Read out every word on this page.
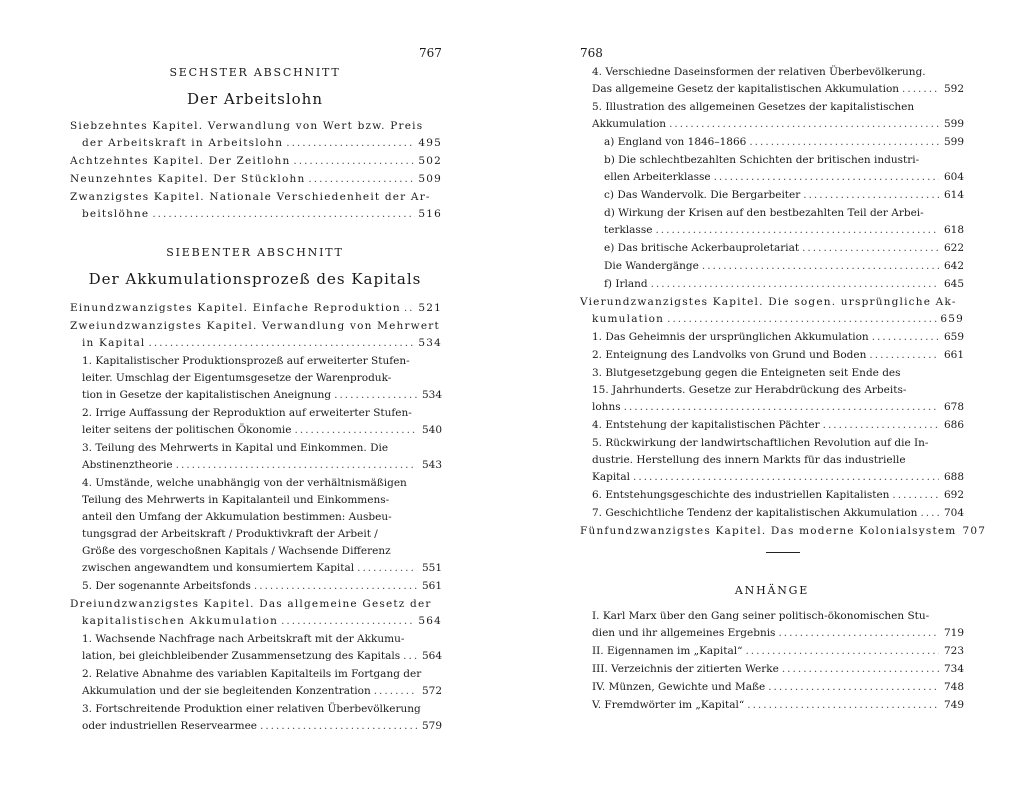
767
SECHSTER ABSCHNITT
Der Arbeitslohn
Siebzehntes Kapitel. Verwandlung von Wert bzw. Preis
der Arbeitskraft in Arbeitslohn .....	495
Achtzehntes Kapitel. Der Zeitlohn .....	502
Neunzehntes Kapitel. Der Stücklohn .....	509
Zwanzigstes Kapitel. Nationale Verschiedenheit der Ar-
beitslöhne .....	516
SIEBENTER ABSCHNITT
Der Akkumulationsprozeß des Kapitals
Einundzwanzigstes Kapitel. Einfache Reproduktion ..... 521
Zweiundzwanzigstes Kapitel. Verwandlung von Mehrwert
in Kapital .....	534
1. Kapitalistischer Produktionsprozeß auf erweiterter Stufen-
leiter. Umschlag der Eigentumsgesetze der Warenproduk-
tion in Gesetze der kapitalistischen Aneignung .....	534
2. Irrige Auffassung der Reproduktion auf erweiterter Stufen-
leiter seitens der politischen Ökonomie .....	540
3. Teilung des Mehrwerts in Kapital und Einkommen. Die
Abstinenztheorie .....	543
4. Umstände, welche unabhängig von der verhältnismäßigen
Teilung des Mehrwerts in Kapitalanteil und Einkommens-
anteil den Umfang der Akkumulation bestimmen: Ausbeu-
tungsgrad der Arbeitskraft / Produktivkraft der Arbeit /
Größe des vorgeschoßnen Kapitals / Wachsende Differenz
zwischen angewandtem und konsumiertem Kapital .....	551
5. Der sogenannte Arbeitsfonds .....	561
Dreiundzwanzigstes Kapitel. Das allgemeine Gesetz der
kapitalistischen Akkumulation .....	564
1. Wachsende Nachfrage nach Arbeitskraft mit der Akkumu-
lation, bei gleichbleibender Zusammensetzung des Kapitals ..... 564
2. Relative Abnahme des variablen Kapitalteils im Fortgang der
Akkumulation und der sie begleitenden Konzentration .....	572
3. Fortschreitende Produktion einer relativen Überbevölkerung
oder industriellen Reservearmee .....	579
768
4. Verschiedne Daseinsformen der relativen Überbevölkerung.
Das allgemeine Gesetz der kapitalistischen Akkumulation .....	592
5. Illustration des allgemeinen Gesetzes der kapitalistischen
Akkumulation .....	599
a) England von 1846–1866 .....	599
b) Die schlechtbezahlten Schichten der britischen industri-
ellen Arbeiterklasse .....	604
c) Das Wandervolk. Die Bergarbeiter .....	614
d) Wirkung der Krisen auf den bestbezahlten Teil der Arbei-
terklasse .....	618
e) Das britische Ackerbauproletariat .....	622
Die Wandergänge .....	642
f) Irland .....	645
Vierundzwanzigstes Kapitel. Die sogen. ursprüngliche Ak-
kumulation .....	659
1. Das Geheimnis der ursprünglichen Akkumulation .....	659
2. Enteignung des Landvolks von Grund und Boden .....	661
3. Blutgesetzgebung gegen die Enteigneten seit Ende des
15. Jahrhunderts. Gesetze zur Herabdrückung des Arbeits-
lohns .....	678
4. Entstehung der kapitalistischen Pächter .....	686
5. Rückwirkung der landwirtschaftlichen Revolution auf die In-
dustrie. Herstellung des innern Markts für das industrielle
Kapital .....	688
6. Entstehungsgeschichte des industriellen Kapitalisten .....	692
7. Geschichtliche Tendenz der kapitalistischen Akkumulation .....	704
Fünfundzwanzigstes Kapitel. Das moderne Kolonialsystem 707
ANHÄNGE
I. Karl Marx über den Gang seiner politisch-ökonomischen Stu-
dien und ihr allgemeines Ergebnis .....	719
II. Eigennamen im „Kapital“ .....	723
III. Verzeichnis der zitierten Werke .....	734
IV. Münzen, Gewichte und Maße .....	748
V. Fremdwörter im „Kapital“ .....	749
